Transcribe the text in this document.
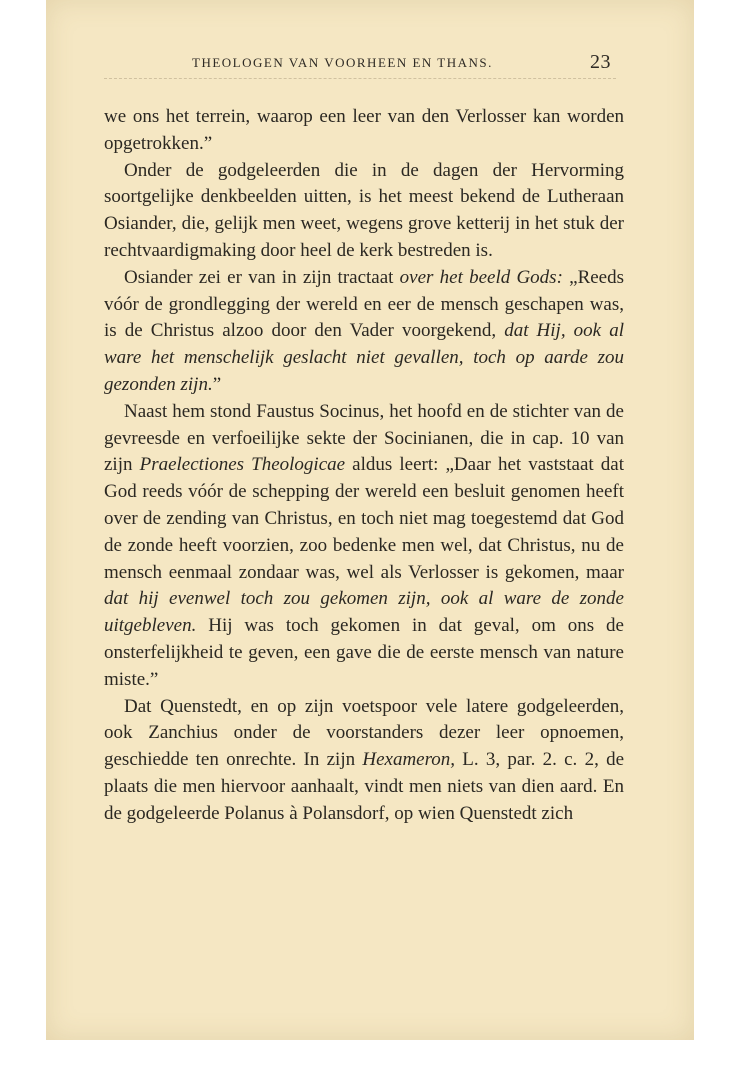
THEOLOGEN VAN VOORHEEN EN THANS.	23

we ons het terrein, waarop een leer van den Verlosser kan worden opgetrokken.”

Onder de godgeleerden die in de dagen der Hervorming soortgelijke denkbeelden uitten, is het meest bekend de Lutheraan Osiander, die, gelijk men weet, wegens grove ketterij in het stuk der rechtvaardigmaking door heel de kerk bestreden is.

Osiander zei er van in zijn tractaat over het beeld Gods: „Reeds vóór de grondlegging der wereld en eer de mensch geschapen was, is de Christus alzoo door den Vader voorgekend, dat Hij, ook al ware het menschelijk geslacht niet gevallen, toch op aarde zou gezonden zijn.”

Naast hem stond Faustus Socinus, het hoofd en de stichter van de gevreesde en verfoeilijke sekte der Socinianen, die in cap. 10 van zijn Praelectiones Theologicae aldus leert: „Daar het vaststaat dat God reeds vóór de schepping der wereld een besluit genomen heeft over de zending van Christus, en toch niet mag toegestemd dat God de zonde heeft voorzien, zoo bedenke men wel, dat Christus, nu de mensch eenmaal zondaar was, wel als Verlosser is gekomen, maar dat hij evenwel toch zou gekomen zijn, ook al ware de zonde uitgebleven. Hij was toch gekomen in dat geval, om ons de onsterfelijkheid te geven, een gave die de eerste mensch van nature miste.”

Dat Quenstedt, en op zijn voetspoor vele latere godgeleerden, ook Zanchius onder de voorstanders dezer leer opnoemen, geschiedde ten onrechte. In zijn Hexameron, L. 3, par. 2. c. 2, de plaats die men hiervoor aanhaalt, vindt men niets van dien aard. En de godgeleerde Polanus à Polansdorf, op wien Quenstedt zich
